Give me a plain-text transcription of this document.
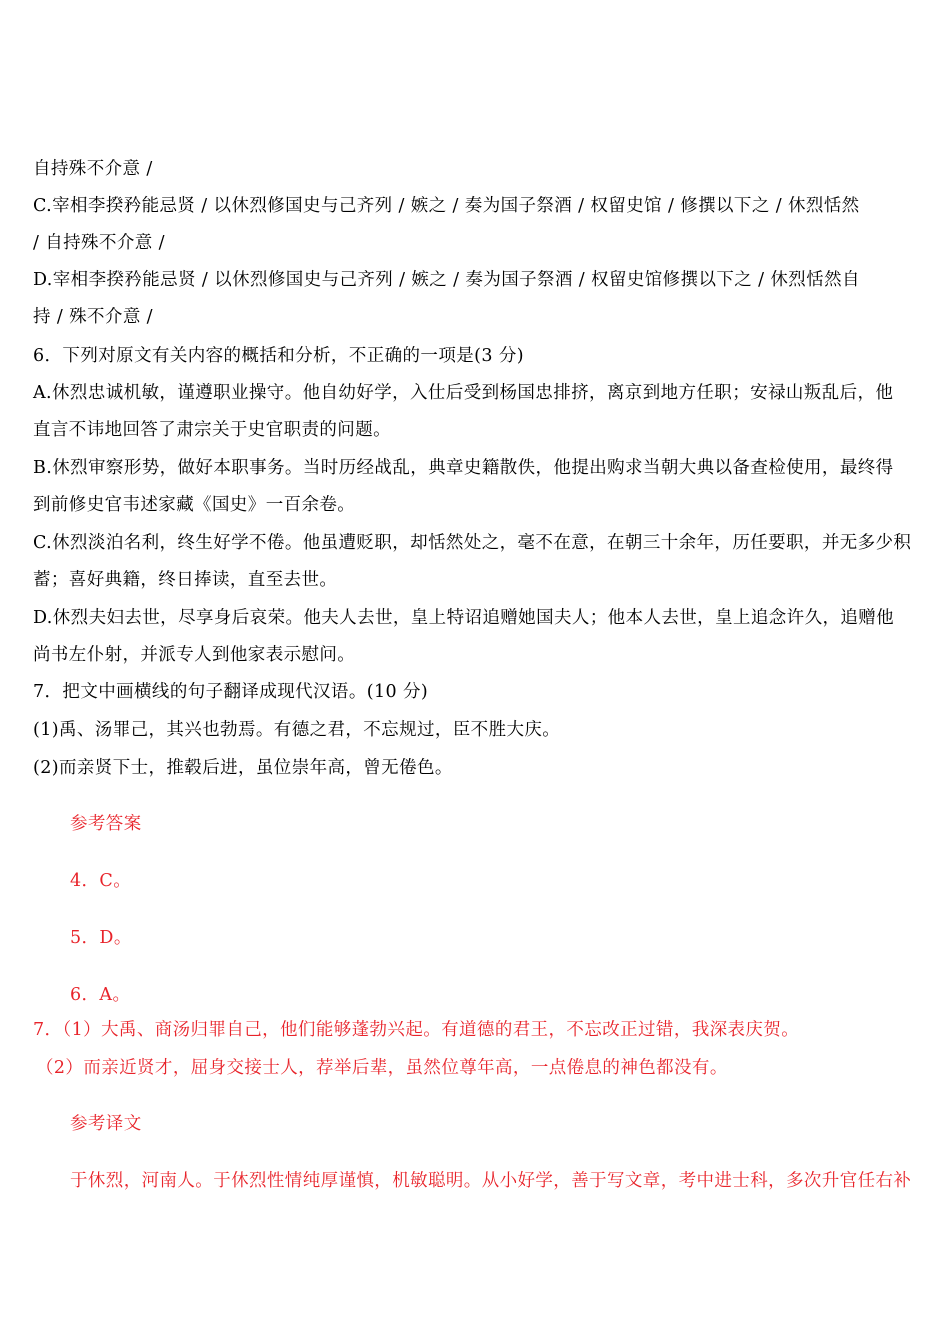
自持殊不介意 /
C.宰相李揆矜能忌贤 / 以休烈修国史与己齐列 / 嫉之 / 奏为国子祭酒 / 权留史馆 / 修撰以下之 / 休烈恬然
/ 自持殊不介意 /
D.宰相李揆矜能忌贤 / 以休烈修国史与己齐列 / 嫉之 / 奏为国子祭酒 / 权留史馆修撰以下之 / 休烈恬然自
持 / 殊不介意 /
6．下列对原文有关内容的概括和分析，不正确的一项是(3 分)
A.休烈忠诚机敏，谨遵职业操守。他自幼好学，入仕后受到杨国忠排挤，离京到地方任职；安禄山叛乱后，他
直言不讳地回答了肃宗关于史官职责的问题。
B.休烈审察形势，做好本职事务。当时历经战乱，典章史籍散佚，他提出购求当朝大典以备查检使用，最终得
到前修史官韦述家藏《国史》一百余卷。
C.休烈淡泊名利，终生好学不倦。他虽遭贬职，却恬然处之，毫不在意，在朝三十余年，历任要职，并无多少积
蓄；喜好典籍，终日捧读，直至去世。
D.休烈夫妇去世，尽享身后哀荣。他夫人去世，皇上特诏追赠她国夫人；他本人去世，皇上追念许久，追赠他
尚书左仆射，并派专人到他家表示慰问。
7．把文中画横线的句子翻译成现代汉语。(10 分)
(1)禹、汤罪己，其兴也勃焉。有德之君，不忘规过，臣不胜大庆。
(2)而亲贤下士，推毂后进，虽位崇年高，曾无倦色。
参考答案
4．C。
5．D。
6．A。
7．（1）大禹、商汤归罪自己，他们能够蓬勃兴起。有道德的君王，不忘改正过错，我深表庆贺。
（2）而亲近贤才，屈身交接士人，荐举后辈，虽然位尊年高，一点倦息的神色都没有。
参考译文
于休烈，河南人。于休烈性情纯厚谨慎，机敏聪明。从小好学，善于写文章，考中进士科，多次升官任右补
